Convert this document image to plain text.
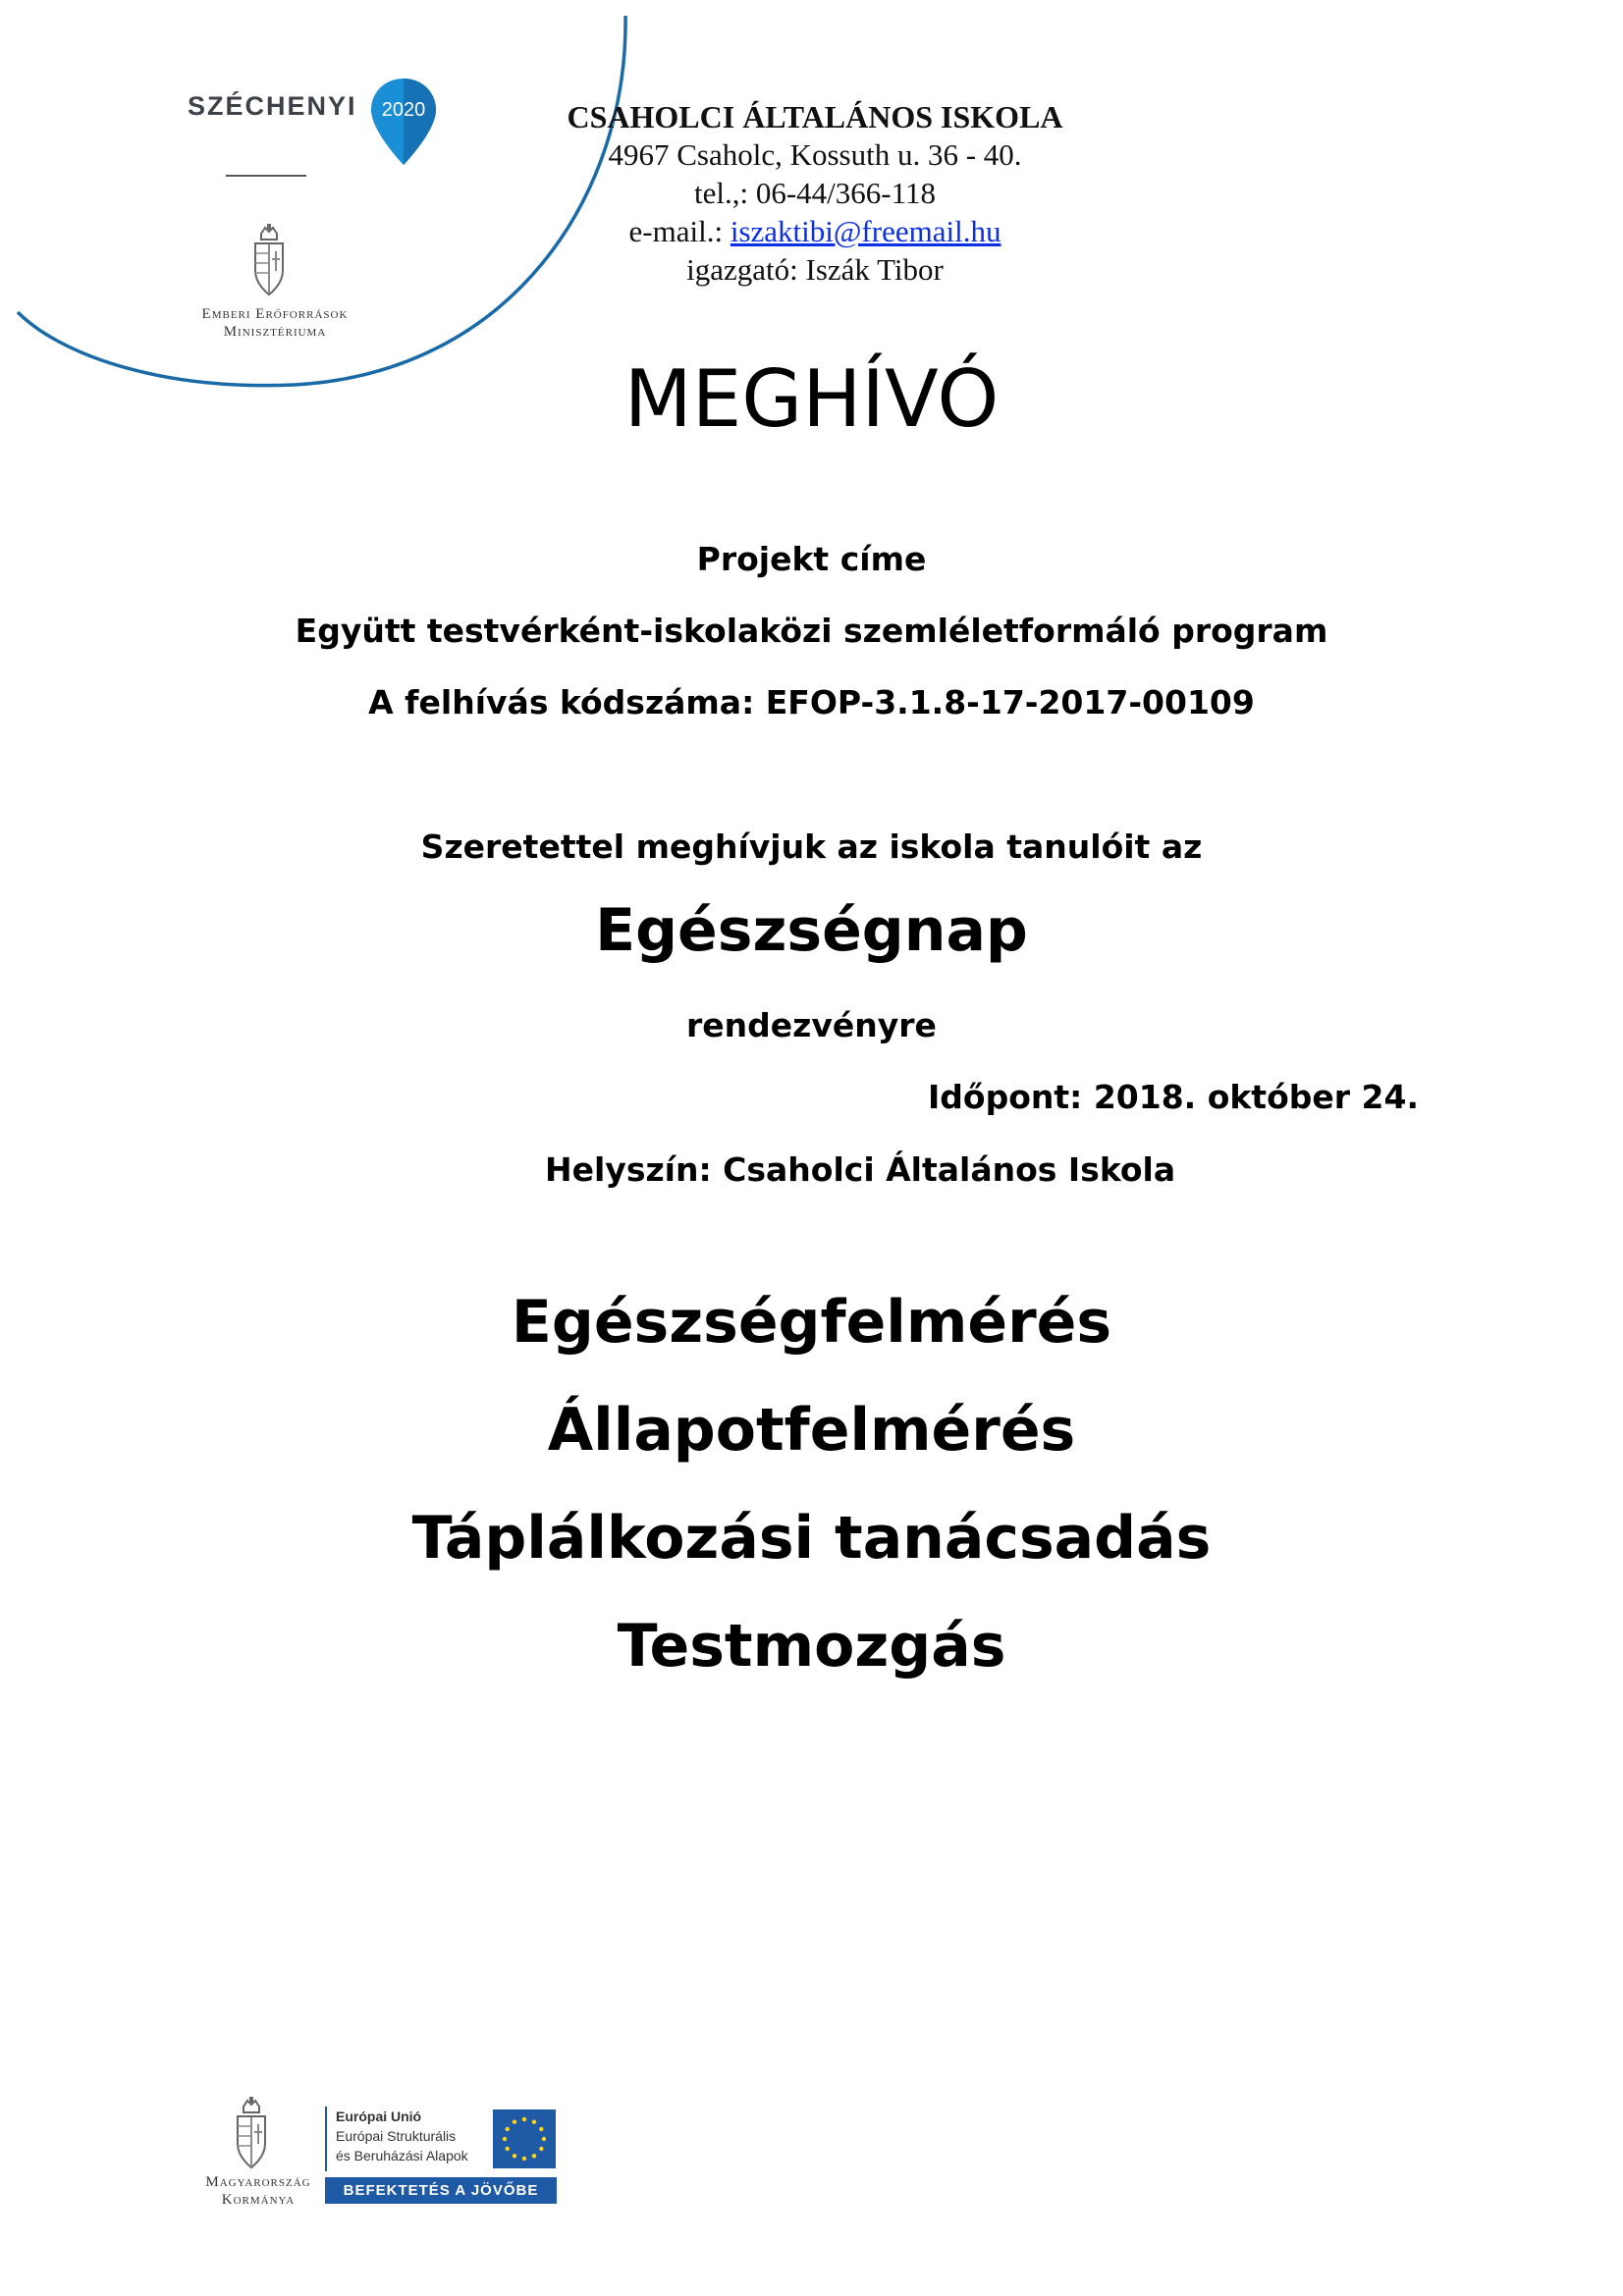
SZÉCHENYI 2020
Emberi Erőforrások
Minisztériuma
CSAHOLCI ÁLTALÁNOS ISKOLA
4967 Csaholc, Kossuth u. 36 - 40.
tel.,: 06-44/366-118
e-mail.: iszaktibi@freemail.hu
igazgató: Iszák Tibor
MEGHÍVÓ
Projekt címe
Együtt testvérként-iskolaközi szemléletformáló program
A felhívás kódszáma: EFOP-3.1.8-17-2017-00109
Szeretettel meghívjuk az iskola tanulóit az
Egészségnap
rendezvényre
Időpont: 2018. október 24.
Helyszín: Csaholci Általános Iskola
Egészségfelmérés
Állapotfelmérés
Táplálkozási tanácsadás
Testmozgás
Magyarország
Kormánya
Európai Unió
Európai Strukturális
és Beruházási Alapok
BEFEKTETÉS A JÖVŐBE
